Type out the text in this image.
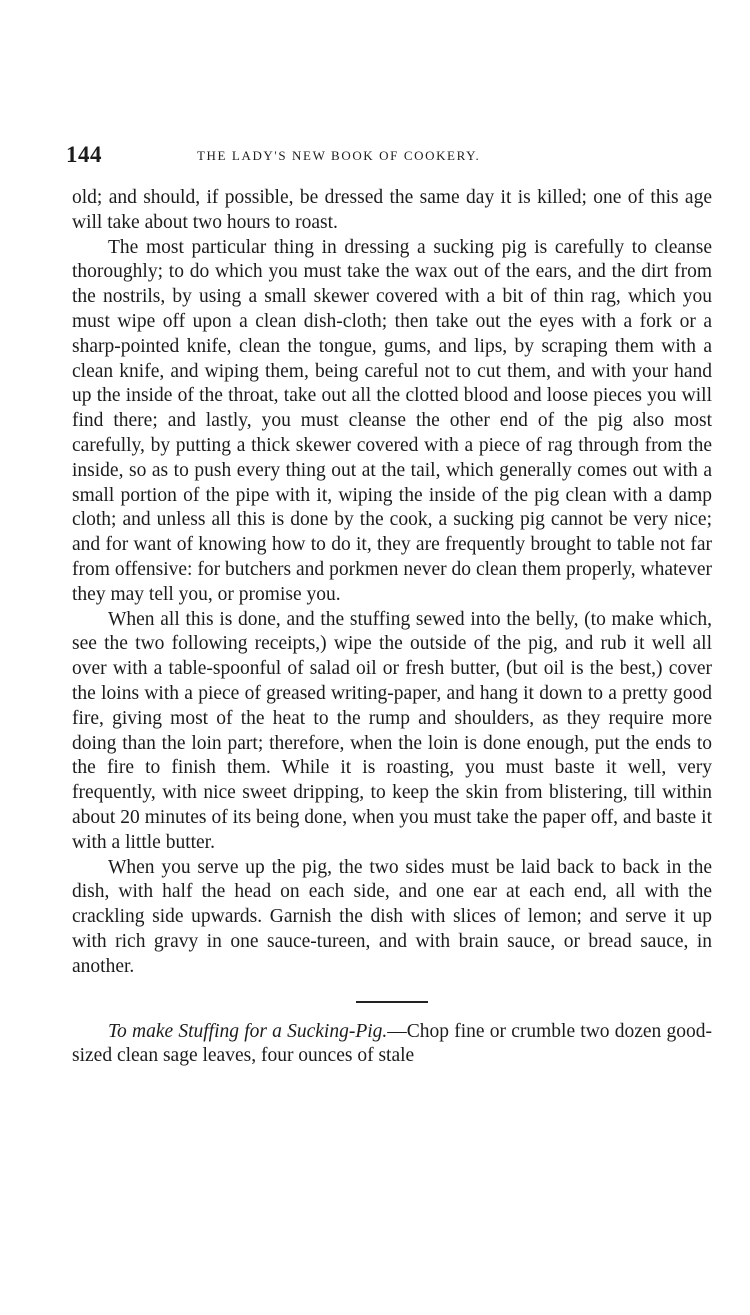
144	THE LADY'S NEW BOOK OF COOKERY.

old; and should, if possible, be dressed the same day it is killed; one of this age will take about two hours to roast.

The most particular thing in dressing a sucking pig is carefully to cleanse thoroughly; to do which you must take the wax out of the ears, and the dirt from the nostrils, by using a small skewer covered with a bit of thin rag, which you must wipe off upon a clean dish-cloth; then take out the eyes with a fork or a sharp-pointed knife, clean the tongue, gums, and lips, by scraping them with a clean knife, and wiping them, being careful not to cut them, and with your hand up the inside of the throat, take out all the clotted blood and loose pieces you will find there; and lastly, you must cleanse the other end of the pig also most carefully, by putting a thick skewer covered with a piece of rag through from the inside, so as to push every thing out at the tail, which generally comes out with a small portion of the pipe with it, wiping the inside of the pig clean with a damp cloth; and unless all this is done by the cook, a sucking pig cannot be very nice; and for want of knowing how to do it, they are frequently brought to table not far from offensive: for butchers and porkmen never do clean them properly, whatever they may tell you, or promise you.

When all this is done, and the stuffing sewed into the belly, (to make which, see the two following receipts,) wipe the outside of the pig, and rub it well all over with a table-spoonful of salad oil or fresh butter, (but oil is the best,) cover the loins with a piece of greased writing-paper, and hang it down to a pretty good fire, giving most of the heat to the rump and shoulders, as they require more doing than the loin part; therefore, when the loin is done enough, put the ends to the fire to finish them. While it is roasting, you must baste it well, very frequently, with nice sweet dripping, to keep the skin from blistering, till within about 20 minutes of its being done, when you must take the paper off, and baste it with a little butter.

When you serve up the pig, the two sides must be laid back to back in the dish, with half the head on each side, and one ear at each end, all with the crackling side upwards. Garnish the dish with slices of lemon; and serve it up with rich gravy in one sauce-tureen, and with brain sauce, or bread sauce, in another.

To make Stuffing for a Sucking-Pig.—Chop fine or crumble two dozen good-sized clean sage leaves, four ounces of stale
